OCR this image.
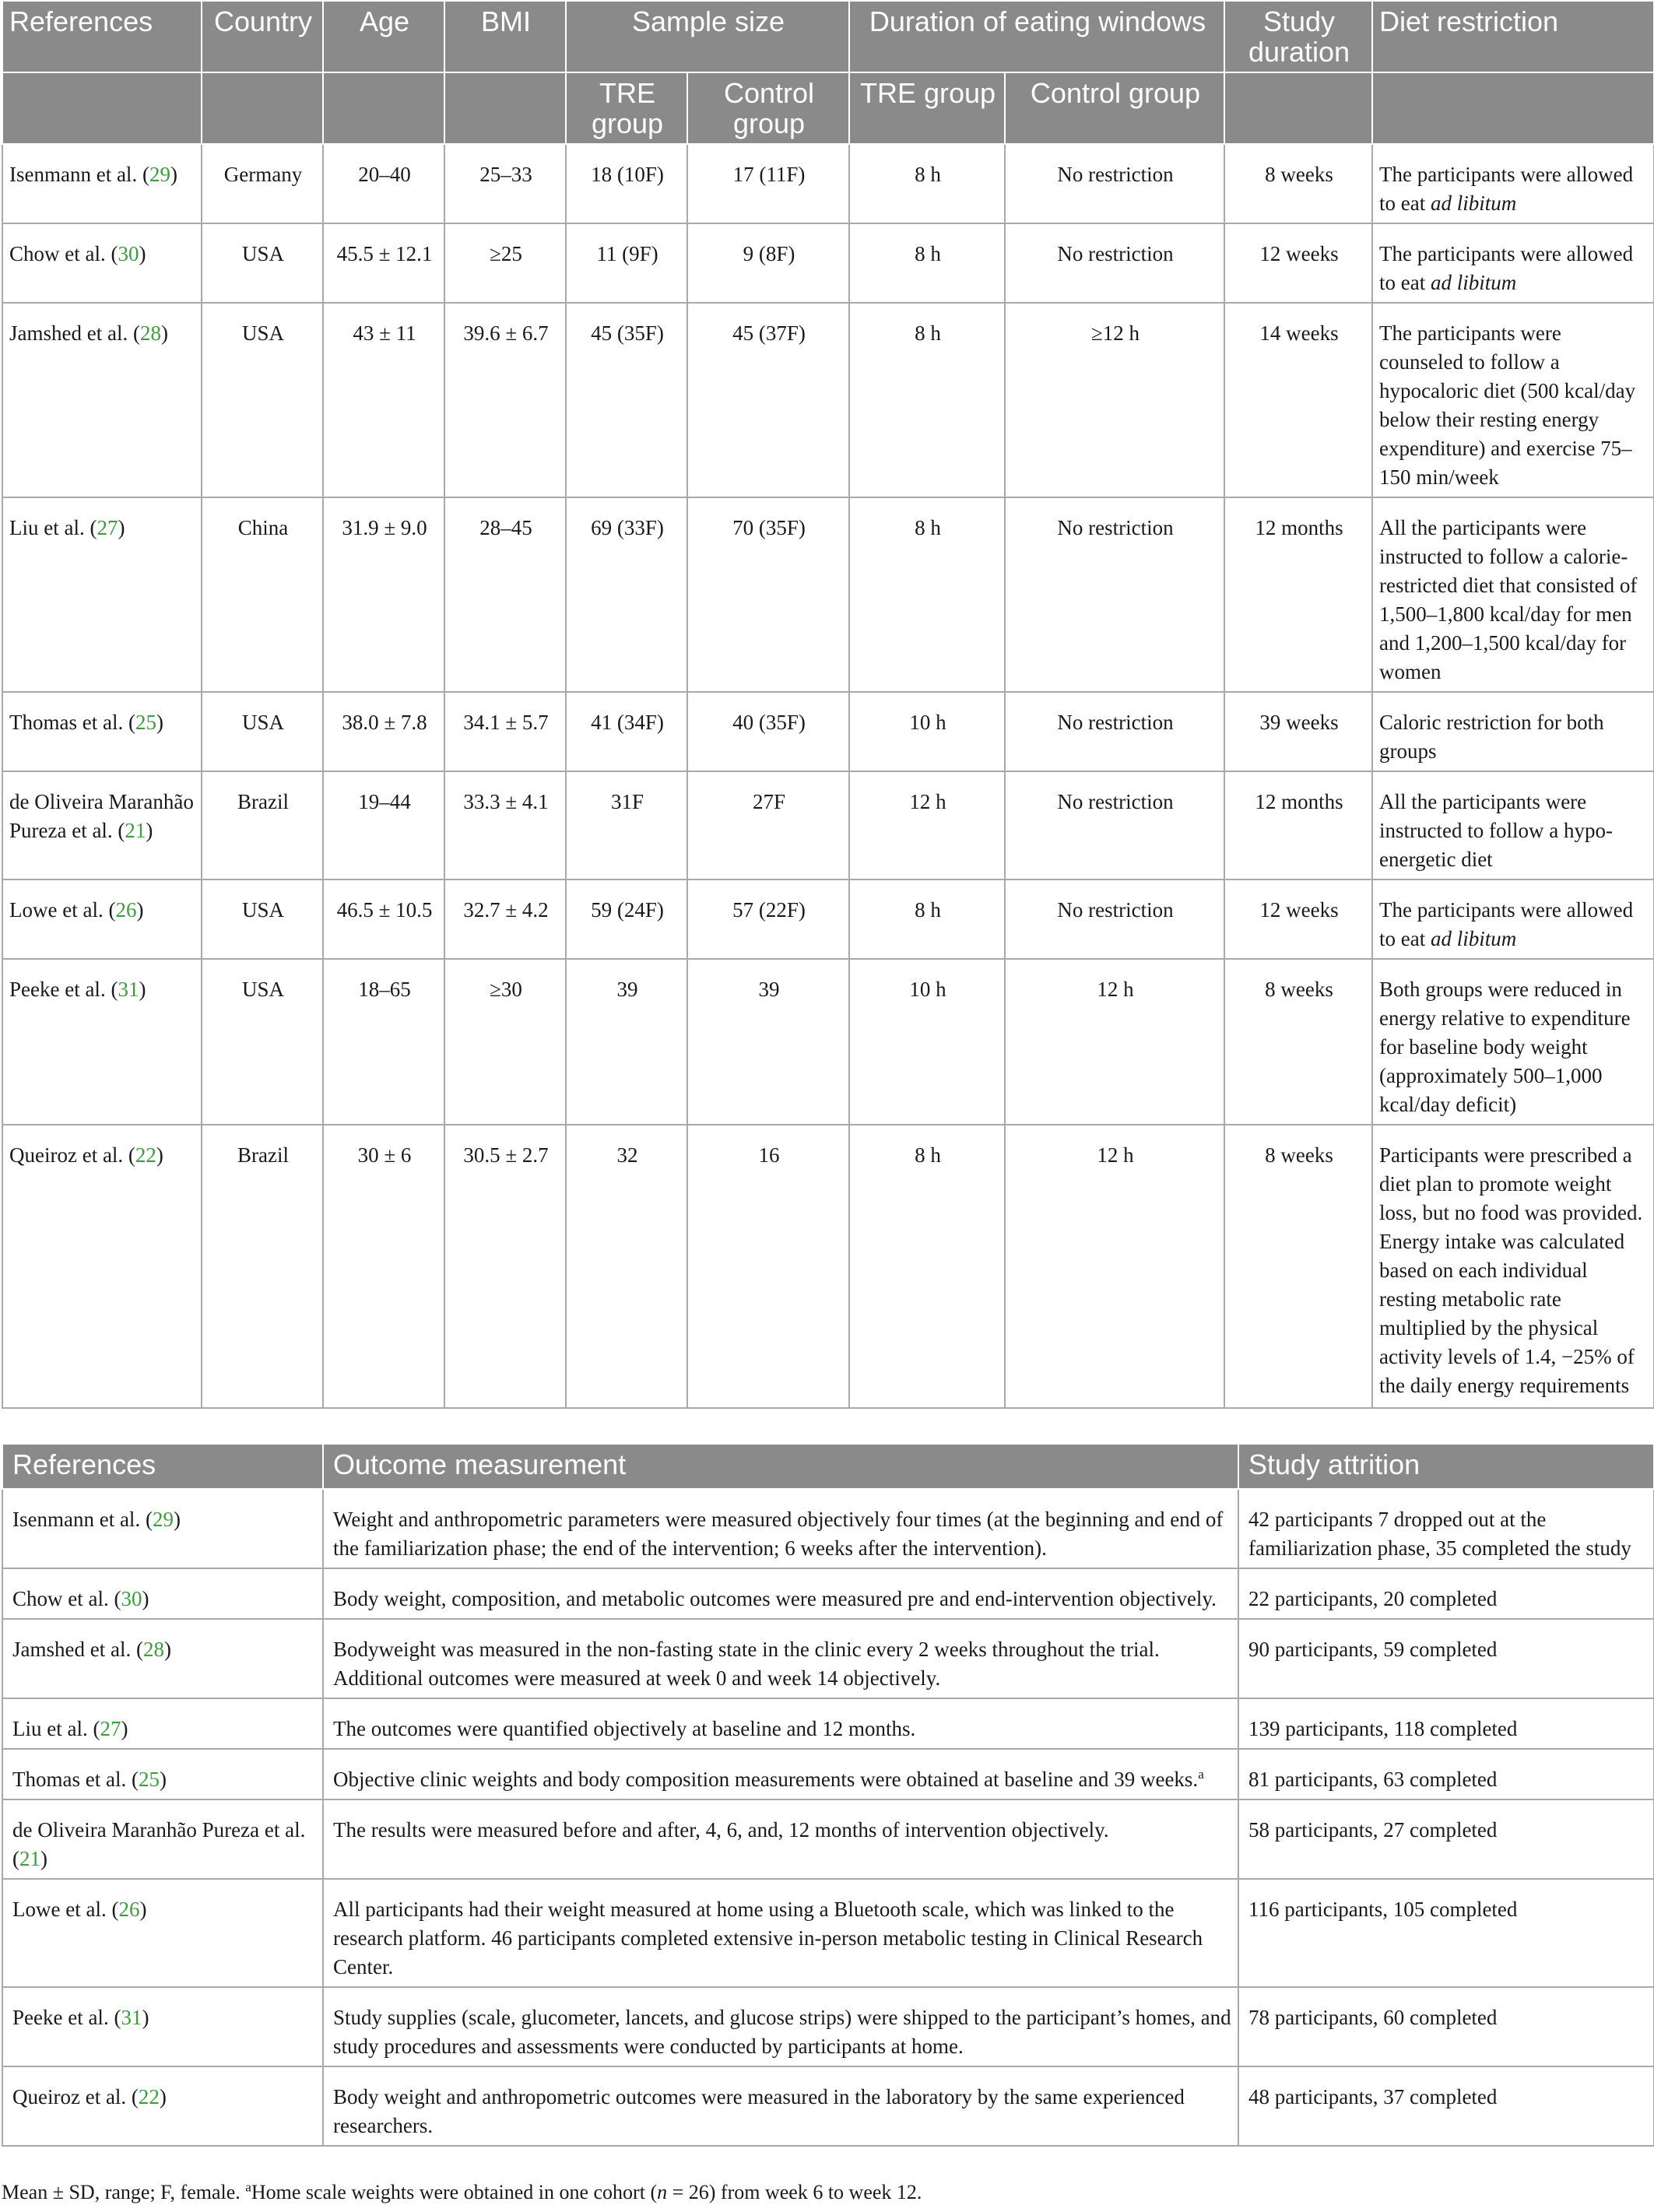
References	Country	Age	BMI	Sample size		Duration of eating windows		Study duration	Diet restriction
				TRE group	Control group	TRE group	Control group		
Isenmann et al. (29)	Germany	20–40	25–33	18 (10F)	17 (11F)	8 h	No restriction	8 weeks	The participants were allowed to eat ad libitum
Chow et al. (30)	USA	45.5 ± 12.1	≥25	11 (9F)	9 (8F)	8 h	No restriction	12 weeks	The participants were allowed to eat ad libitum
Jamshed et al. (28)	USA	43 ± 11	39.6 ± 6.7	45 (35F)	45 (37F)	8 h	≥12 h	14 weeks	The participants were counseled to follow a hypocaloric diet (500 kcal/day below their resting energy expenditure) and exercise 75–150 min/week
Liu et al. (27)	China	31.9 ± 9.0	28–45	69 (33F)	70 (35F)	8 h	No restriction	12 months	All the participants were instructed to follow a calorie-restricted diet that consisted of 1,500–1,800 kcal/day for men and 1,200–1,500 kcal/day for women
Thomas et al. (25)	USA	38.0 ± 7.8	34.1 ± 5.7	41 (34F)	40 (35F)	10 h	No restriction	39 weeks	Caloric restriction for both groups
de Oliveira Maranhão Pureza et al. (21)	Brazil	19–44	33.3 ± 4.1	31F	27F	12 h	No restriction	12 months	All the participants were instructed to follow a hypo-energetic diet
Lowe et al. (26)	USA	46.5 ± 10.5	32.7 ± 4.2	59 (24F)	57 (22F)	8 h	No restriction	12 weeks	The participants were allowed to eat ad libitum
Peeke et al. (31)	USA	18–65	≥30	39	39	10 h	12 h	8 weeks	Both groups were reduced in energy relative to expenditure for baseline body weight (approximately 500–1,000 kcal/day deficit)
Queiroz et al. (22)	Brazil	30 ± 6	30.5 ± 2.7	32	16	8 h	12 h	8 weeks	Participants were prescribed a diet plan to promote weight loss, but no food was provided. Energy intake was calculated based on each individual resting metabolic rate multiplied by the physical activity levels of 1.4, −25% of the daily energy requirements
References	Outcome measurement	Study attrition
Isenmann et al. (29)	Weight and anthropometric parameters were measured objectively four times (at the beginning and end of the familiarization phase; the end of the intervention; 6 weeks after the intervention).	42 participants 7 dropped out at the familiarization phase, 35 completed the study
Chow et al. (30)	Body weight, composition, and metabolic outcomes were measured pre and end-intervention objectively.	22 participants, 20 completed
Jamshed et al. (28)	Bodyweight was measured in the non-fasting state in the clinic every 2 weeks throughout the trial. Additional outcomes were measured at week 0 and week 14 objectively.	90 participants, 59 completed
Liu et al. (27)	The outcomes were quantified objectively at baseline and 12 months.	139 participants, 118 completed
Thomas et al. (25)	Objective clinic weights and body composition measurements were obtained at baseline and 39 weeks.$^a$	81 participants, 63 completed
de Oliveira Maranhão Pureza et al. (21)	The results were measured before and after, 4, 6, and, 12 months of intervention objectively.	58 participants, 27 completed
Lowe et al. (26)	All participants had their weight measured at home using a Bluetooth scale, which was linked to the research platform. 46 participants completed extensive in-person metabolic testing in Clinical Research Center.	116 participants, 105 completed
Peeke et al. (31)	Study supplies (scale, glucometer, lancets, and glucose strips) were shipped to the participant’s homes, and study procedures and assessments were conducted by participants at home.	78 participants, 60 completed
Queiroz et al. (22)	Body weight and anthropometric outcomes were measured in the laboratory by the same experienced researchers.	48 participants, 37 completed
Mean ± SD, range; F, female. $^a$Home scale weights were obtained in one cohort (n = 26) from week 6 to week 12.
